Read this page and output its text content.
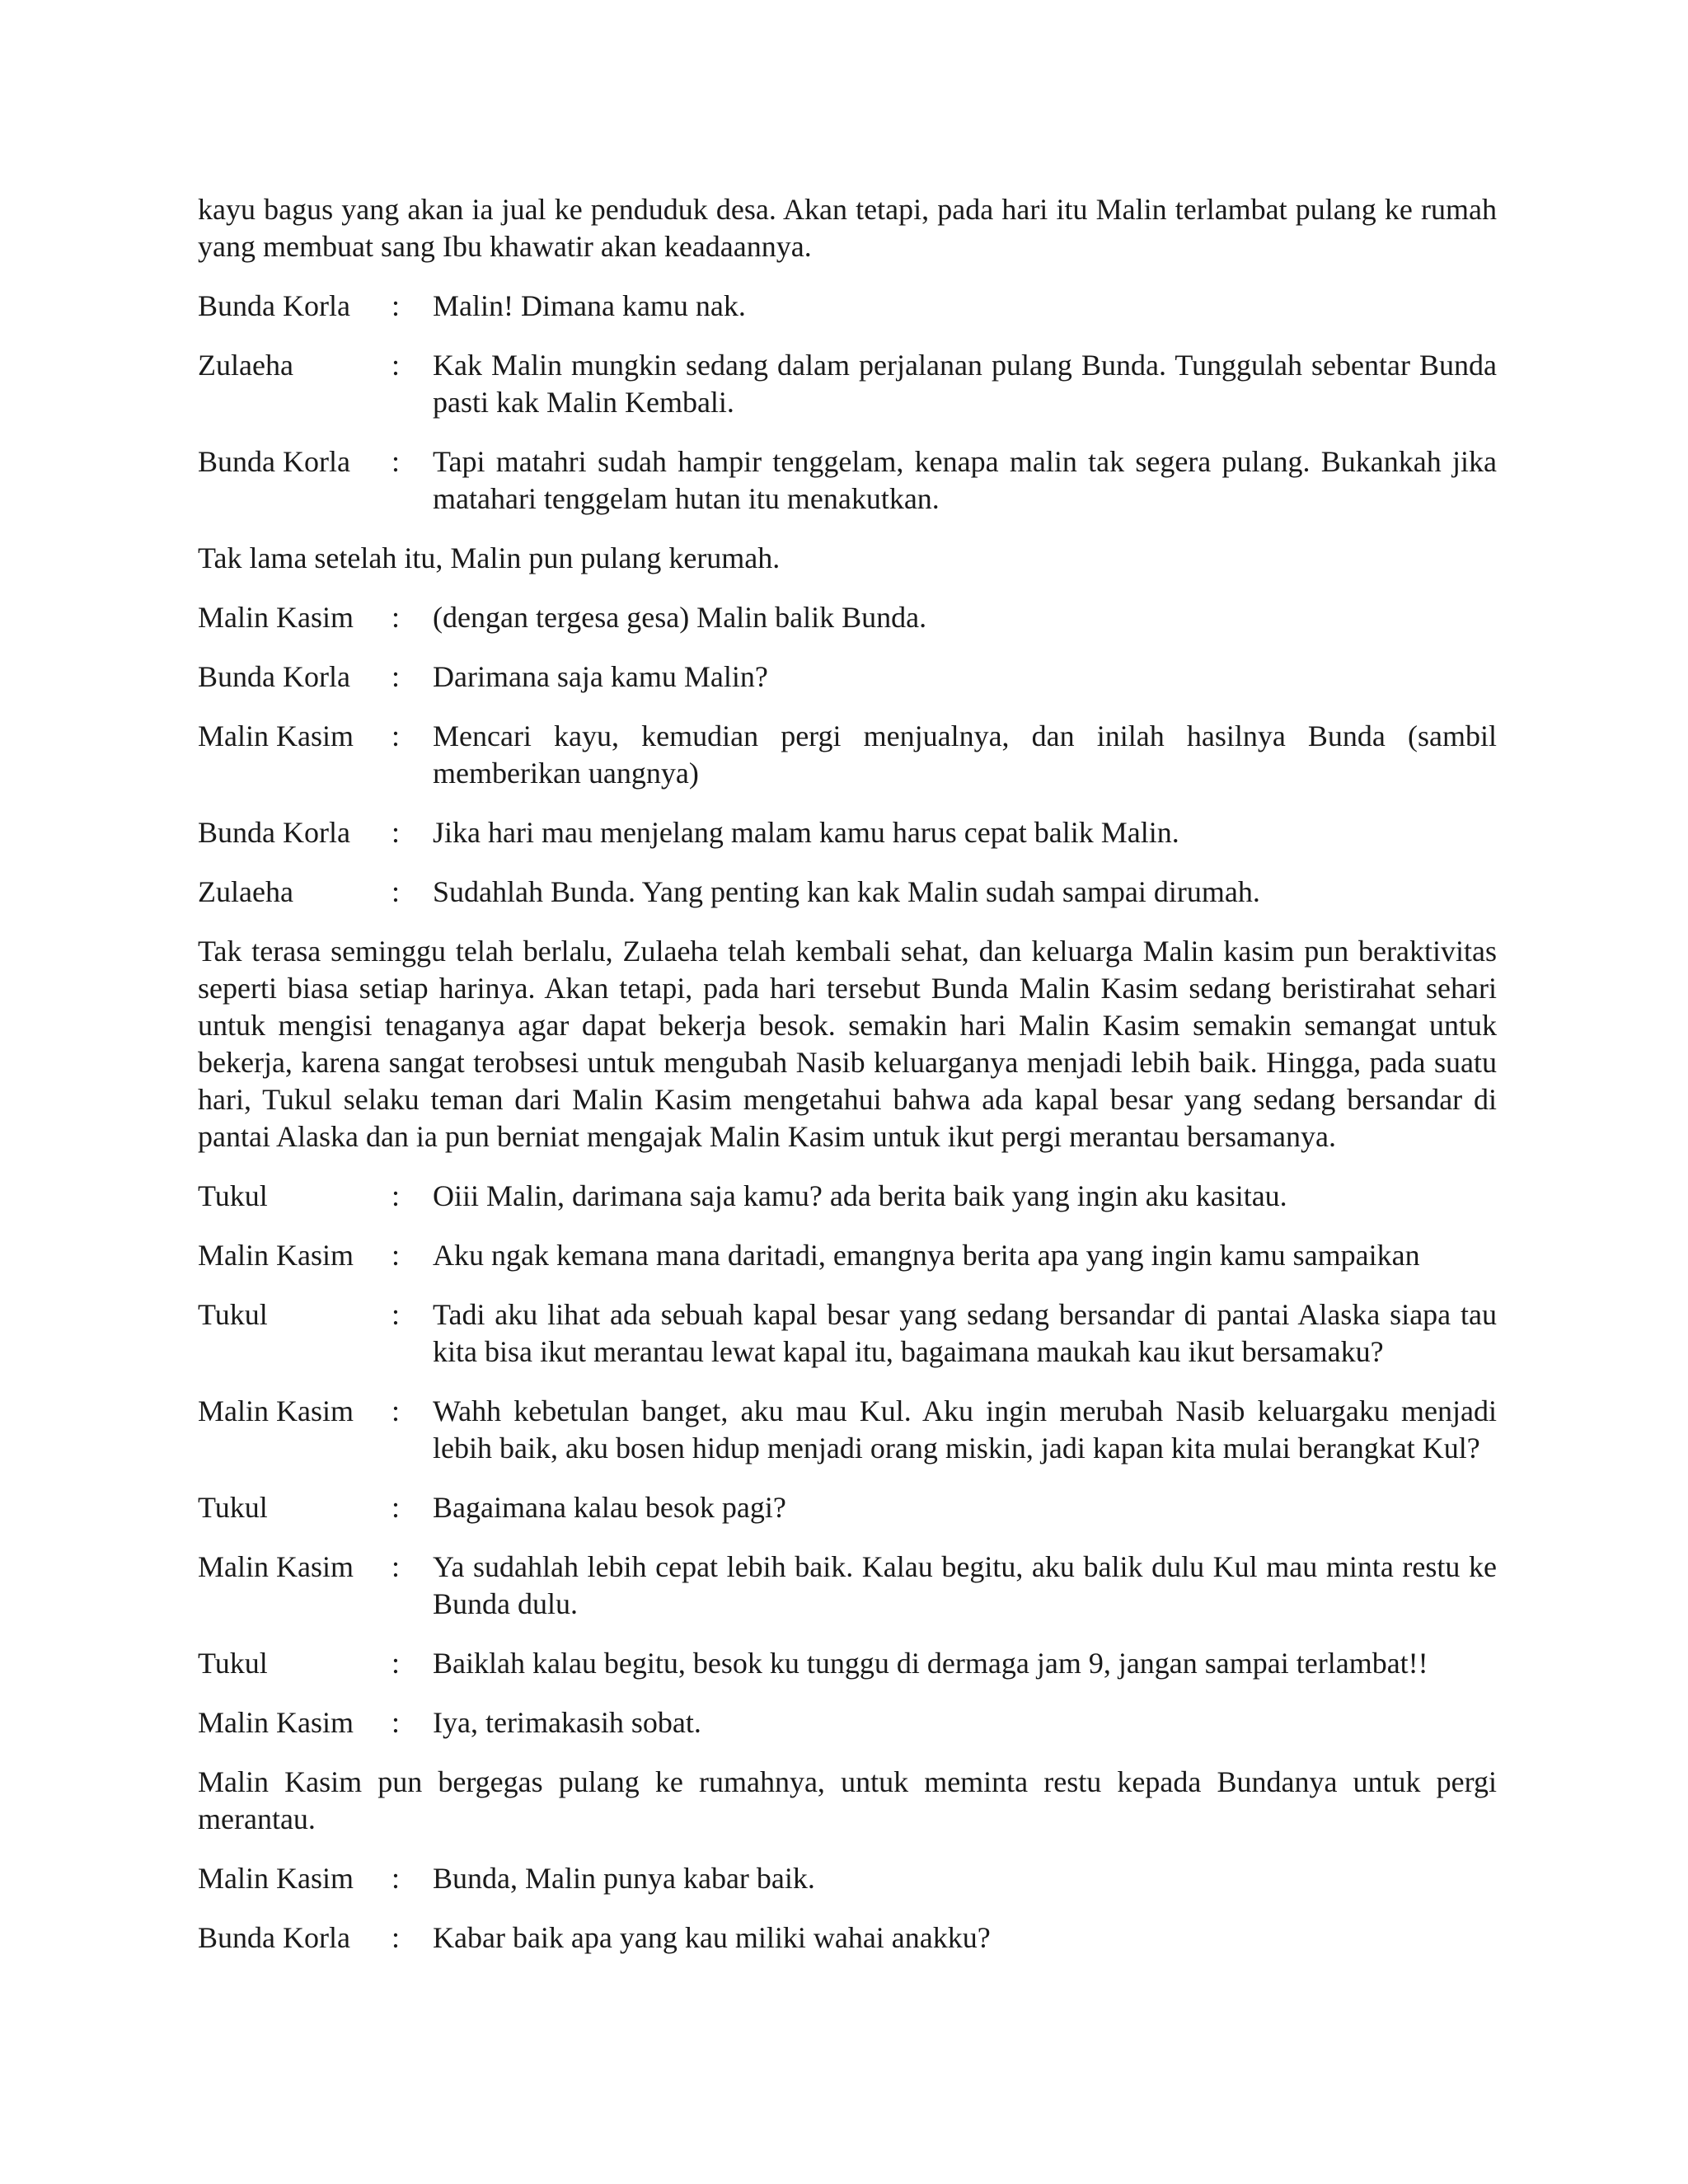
kayu bagus yang akan ia jual ke penduduk desa. Akan tetapi, pada hari itu Malin terlambat pulang ke rumah yang membuat sang Ibu khawatir akan keadaannya.

Bunda Korla	:	Malin! Dimana kamu nak.
Zulaeha	:	Kak Malin mungkin sedang dalam perjalanan pulang Bunda. Tunggulah sebentar Bunda pasti kak Malin Kembali.
Bunda Korla	:	Tapi matahri sudah hampir tenggelam, kenapa malin tak segera pulang. Bukankah jika matahari tenggelam hutan itu menakutkan.

Tak lama setelah itu, Malin pun pulang kerumah.

Malin Kasim	:	(dengan tergesa gesa) Malin balik Bunda.
Bunda Korla	:	Darimana saja kamu Malin?
Malin Kasim	:	Mencari kayu, kemudian pergi menjualnya, dan inilah hasilnya Bunda (sambil memberikan uangnya)
Bunda Korla	:	Jika hari mau menjelang malam kamu harus cepat balik Malin.
Zulaeha	:	Sudahlah Bunda. Yang penting kan kak Malin sudah sampai dirumah.

Tak terasa seminggu telah berlalu, Zulaeha telah kembali sehat, dan keluarga Malin kasim pun beraktivitas seperti biasa setiap harinya. Akan tetapi, pada hari tersebut Bunda Malin Kasim sedang beristirahat sehari untuk mengisi tenaganya agar dapat bekerja besok. semakin hari Malin Kasim semakin semangat untuk bekerja, karena sangat terobsesi untuk mengubah Nasib keluarganya menjadi lebih baik. Hingga, pada suatu hari, Tukul selaku teman dari Malin Kasim mengetahui bahwa ada kapal besar yang sedang bersandar di pantai Alaska dan ia pun berniat mengajak Malin Kasim untuk ikut pergi merantau bersamanya.

Tukul	:	Oiii Malin, darimana saja kamu? ada berita baik yang ingin aku kasitau.
Malin Kasim	:	Aku ngak kemana mana daritadi, emangnya berita apa yang ingin kamu sampaikan
Tukul	:	Tadi aku lihat ada sebuah kapal besar yang sedang bersandar di pantai Alaska siapa tau kita bisa ikut merantau lewat kapal itu, bagaimana maukah kau ikut bersamaku?
Malin Kasim	:	Wahh kebetulan banget, aku mau Kul. Aku ingin merubah Nasib keluargaku menjadi lebih baik, aku bosen hidup menjadi orang miskin, jadi kapan kita mulai berangkat Kul?
Tukul	:	Bagaimana kalau besok pagi?
Malin Kasim	:	Ya sudahlah lebih cepat lebih baik. Kalau begitu, aku balik dulu Kul mau minta restu ke Bunda dulu.
Tukul	:	Baiklah kalau begitu, besok ku tunggu di dermaga jam 9, jangan sampai terlambat!!
Malin Kasim	:	Iya, terimakasih sobat.

Malin Kasim pun bergegas pulang ke rumahnya, untuk meminta restu kepada Bundanya untuk pergi merantau.

Malin Kasim	:	Bunda, Malin punya kabar baik.
Bunda Korla	:	Kabar baik apa yang kau miliki wahai anakku?
